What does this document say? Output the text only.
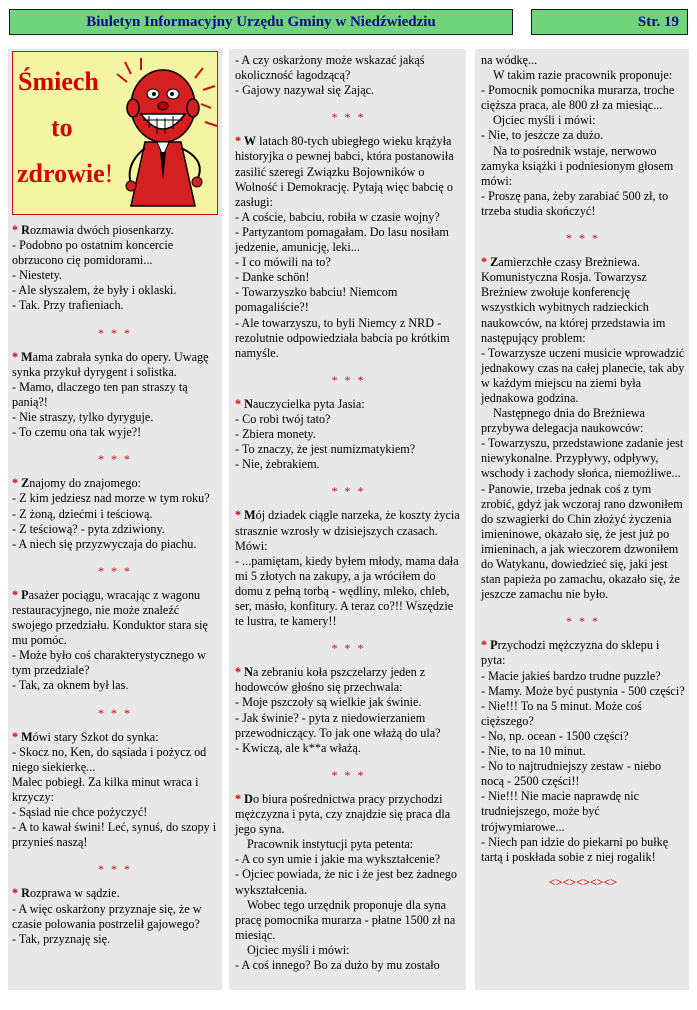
Biuletyn Informacyjny Urzędu Gminy w Niedźwiedziu	Str. 19
Śmiech
to
zdrowie!

* Rozmawia dwóch piosenkarzy.

- Podobno po ostatnim koncercie obrzucono cię pomidorami...

- Niestety.

- Ale słyszałem, że były i oklaski.

- Tak. Przy trafieniach.

* * *

* Mama zabrała synka do opery. Uwagę synka przykuł dyrygent i solistka.

- Mamo, dlaczego ten pan straszy tą panią?!

- Nie straszy, tylko dyryguje.

- To czemu ona tak wyje?!

* * *

* Znajomy do znajomego:

- Z kim jedziesz nad morze w tym roku?

- Z żoną, dziećmi i teściową.

- Z teściową? - pyta zdziwiony.

- A niech się przyzwyczaja do piachu.

* * *

* Pasażer pociągu, wracając z wagonu restauracyjnego, nie może znaleźć swojego przedziału. Konduktor stara się mu pomóc.

- Może było coś charakterystycznego w tym przedziale?

- Tak, za oknem był las.

* * *

* Mówi stary Szkot do synka:

- Skocz no, Ken, do sąsiada i pożycz od niego siekierkę...

Malec pobiegł. Za kilka minut wraca i krzyczy:

- Sąsiad nie chce pożyczyć!

- A to kawał świni! Leć, synuś, do szopy i przynieś naszą!

* * *

* Rozprawa w sądzie.

- A więc oskarżony przyznaje się, że w czasie polowania postrzelił gajowego?

- Tak, przyznaję się.

- A czy oskarżony może wskazać jakąś okoliczność łagodzącą?

- Gajowy nazywał się Zając.

* * *

* W latach 80-tych ubiegłego wieku krążyła historyjka o pewnej babci, która postanowiła zasilić szeregi Związku Bojowników o Wolność i Demokrację. Pytają więc babcię o zasługi:

- A coście, babciu, robiła w czasie wojny?

- Partyzantom pomagałam. Do lasu nosiłam jedzenie, amunicję, leki...

- I co mówili na to?

- Danke schön!

- Towarzyszko babciu! Niemcom pomagaliście?!

- Ale towarzyszu, to byli Niemcy z NRD - rezolutnie odpowiedziała babcia po krótkim namyśle.

* * *

* Nauczycielka pyta Jasia:

- Co robi twój tato?

- Zbiera monety.

- To znaczy, że jest numizmatykiem?

- Nie, żebrakiem.

* * *

* Mój dziadek ciągle narzeka, że koszty życia strasznie wzrosły w dzisiejszych czasach. Mówi:

- ...pamiętam, kiedy byłem młody, mama dała mi 5 złotych na zakupy, a ja wróciłem do domu z pełną torbą - wędliny, mleko, chleb, ser, masło, konfitury. A teraz co?!! Wszędzie te lustra, te kamery!!

* * *

* Na zebraniu koła pszczelarzy jeden z hodowców głośno się przechwala:

- Moje pszczoły są wielkie jak świnie.

- Jak świnie? - pyta z niedowierzaniem przewodniczący. To jak one włażą do ula?

- Kwiczą, ale k**a włażą.

* * *

* Do biura pośrednictwa pracy przychodzi mężczyzna i pyta, czy znajdzie się praca dla jego syna.

Pracownik instytucji pyta petenta:

- A co syn umie i jakie ma wykształcenie?

- Ojciec powiada, że nic i że jest bez żadnego wykształcenia.

Wobec tego urzędnik proponuje dla syna pracę pomocnika murarza - płatne 1500 zł na miesiąc.

Ojciec myśli i mówi:

- A coś innego? Bo za dużo by mu zostało

na wódkę...

W takim razie pracownik proponuje:

- Pomocnik pomocnika murarza, troche cięższa praca, ale 800 zł za miesiąc...

Ojciec myśli i mówi:

- Nie, to jeszcze za dużo.

Na to pośrednik wstaje, nerwowo zamyka książki i podniesionym głosem mówi:

- Proszę pana, żeby zarabiać 500 zł, to trzeba studia skończyć!

* * *

* Zamierzchłe czasy Breżniewa. Komunistyczna Rosja. Towarzysz Breżniew zwołuje konferencję wszystkich wybitnych radzieckich naukowców, na której przedstawia im następujący problem:

- Towarzysze uczeni musicie wprowadzić jednakowy czas na całej planecie, tak aby w każdym miejscu na ziemi była jednakowa godzina.

Następnego dnia do Breżniewa przybywa delegacja naukowców:

- Towarzyszu, przedstawione zadanie jest niewykonalne. Przypływy, odpływy, wschody i zachody słońca, niemożliwe...

- Panowie, trzeba jednak coś z tym zrobić, gdyż jak wczoraj rano dzwoniłem do szwagierki do Chin złożyć życzenia imieninowe, okazało się, że jest już po imieninach, a jak wieczorem dzwoniłem do Watykanu, dowiedzieć się, jaki jest stan papieża po zamachu, okazało się, że jeszcze zamachu nie było.

* * *

* Przychodzi mężczyzna do sklepu i pyta:

- Macie jakieś bardzo trudne puzzle?

- Mamy. Może być pustynia - 500 części?

- Nie!!! To na 5 minut. Może coś cięższego?

- No, np. ocean - 1500 części?

- Nie, to na 10 minut.

- No to najtrudniejszy zestaw - niebo nocą - 2500 części!!

- Nie!!! Nie macie naprawdę nic trudniejszego, może być trójwymiarowe...

- Niech pan idzie do piekarni po bułkę tartą i poskłada sobie z niej rogalik!

<><><><><>
